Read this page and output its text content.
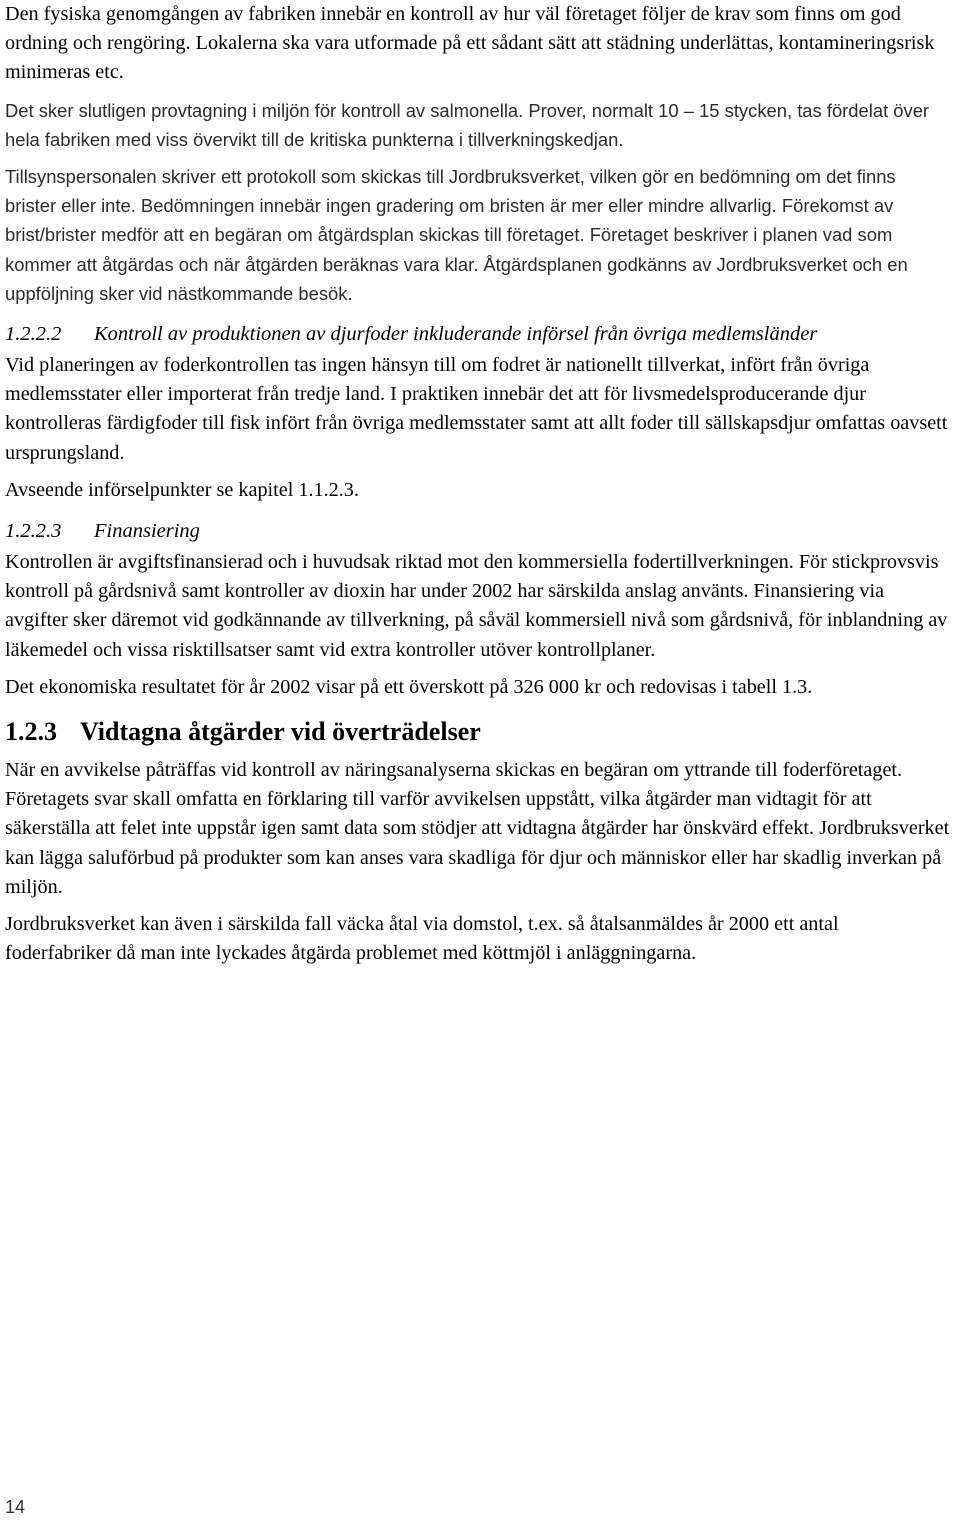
Den fysiska genomgången av fabriken innebär en kontroll av hur väl företaget följer de krav som finns om god ordning och rengöring. Lokalerna ska vara utformade på ett sådant sätt att städning underlättas, kontamineringsrisk minimeras etc.

Det sker slutligen provtagning i miljön för kontroll av salmonella. Prover, normalt 10 – 15 stycken, tas fördelat över hela fabriken med viss övervikt till de kritiska punkterna i tillverkningskedjan.

Tillsynspersonalen skriver ett protokoll som skickas till Jordbruksverket, vilken gör en bedömning om det finns brister eller inte. Bedömningen innebär ingen gradering om bristen är mer eller mindre allvarlig. Förekomst av brist/brister medför att en begäran om åtgärdsplan skickas till företaget. Företaget beskriver i planen vad som kommer att åtgärdas och när åtgärden beräknas vara klar. Åtgärdsplanen godkänns av Jordbruksverket och en uppföljning sker vid nästkommande besök.

1.2.2.2 Kontroll av produktionen av djurfoder inkluderande införsel från övriga medlemsländer

Vid planeringen av foderkontrollen tas ingen hänsyn till om fodret är nationellt tillverkat, infört från övriga medlemsstater eller importerat från tredje land. I praktiken innebär det att för livsmedelsproducerande djur kontrolleras färdigfoder till fisk infört från övriga medlemsstater samt att allt foder till sällskapsdjur omfattas oavsett ursprungsland.

Avseende införselpunkter se kapitel 1.1.2.3.

1.2.2.3 Finansiering

Kontrollen är avgiftsfinansierad och i huvudsak riktad mot den kommersiella fodertillverkningen. För stickprovsvis kontroll på gårdsnivå samt kontroller av dioxin har under 2002 har särskilda anslag använts. Finansiering via avgifter sker däremot vid godkännande av tillverkning, på såväl kommersiell nivå som gårdsnivå, för inblandning av läkemedel och vissa risktillsatser samt vid extra kontroller utöver kontrollplaner.

Det ekonomiska resultatet för år 2002 visar på ett överskott på 326 000 kr och redovisas i tabell 1.3.

1.2.3 Vidtagna åtgärder vid överträdelser

När en avvikelse påträffas vid kontroll av näringsanalyserna skickas en begäran om yttrande till foderföretaget. Företagets svar skall omfatta en förklaring till varför avvikelsen uppstått, vilka åtgärder man vidtagit för att säkerställa att felet inte uppstår igen samt data som stödjer att vidtagna åtgärder har önskvärd effekt. Jordbruksverket kan lägga saluförbud på produkter som kan anses vara skadliga för djur och människor eller har skadlig inverkan på miljön.

Jordbruksverket kan även i särskilda fall väcka åtal via domstol, t.ex. så åtalsanmäldes år 2000 ett antal foderfabriker då man inte lyckades åtgärda problemet med köttmjöl i anläggningarna.

14
